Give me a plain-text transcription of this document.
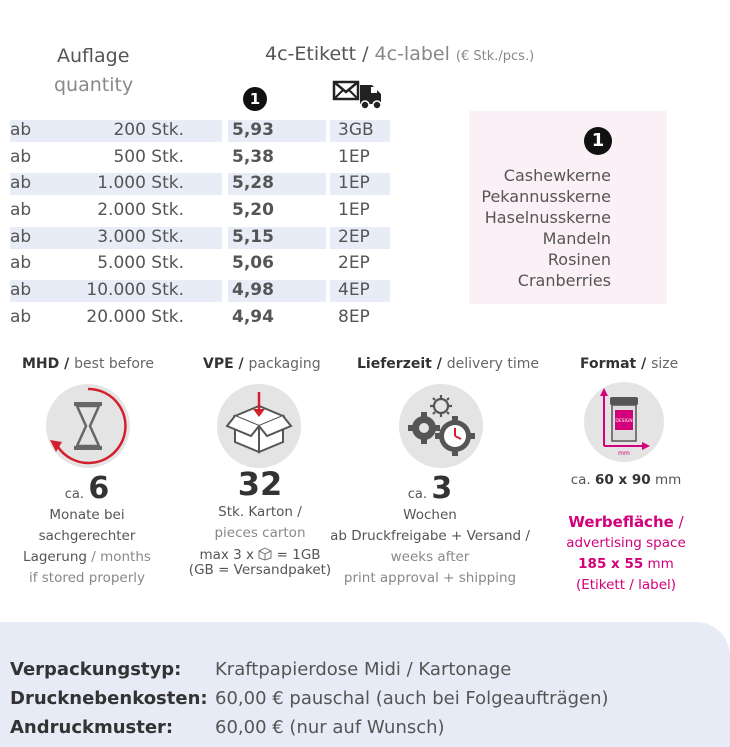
Auflage
quantity
4c-Etikett / 4c-label (€ Stk./pcs.)
1
ab	200 Stk.	5,93	3GB
ab	500 Stk.	5,38	1EP
ab	1.000 Stk.	5,28	1EP
ab	2.000 Stk.	5,20	1EP
ab	3.000 Stk.	5,15	2EP
ab	5.000 Stk.	5,06	2EP
ab	10.000 Stk.	4,98	4EP
ab	20.000 Stk.	4,94	8EP
1
Cashewkerne
Pekannusskerne
Haselnusskerne
Mandeln
Rosinen
Cranberries
MHD / best before
ca. 6
Monate bei
sachgerechter
Lagerung / months
if stored properly
VPE / packaging
32
Stk. Karton /
pieces carton
max 3 x = 1GB
(GB = Versandpaket)
Lieferzeit / delivery time
ca. 3
Wochen
ab Druckfreigabe + Versand /
weeks after
print approval + shipping
Format / size
DESIGN
mm
ca. 60 x 90 mm
Werbefläche /
advertising space
185 x 55 mm
(Etikett / label)
Verpackungstyp: Kraftpapierdose Midi / Kartonage
Drucknebenkosten: 60,00 € pauschal (auch bei Folgeaufträgen)
Andruckmuster: 60,00 € (nur auf Wunsch)
